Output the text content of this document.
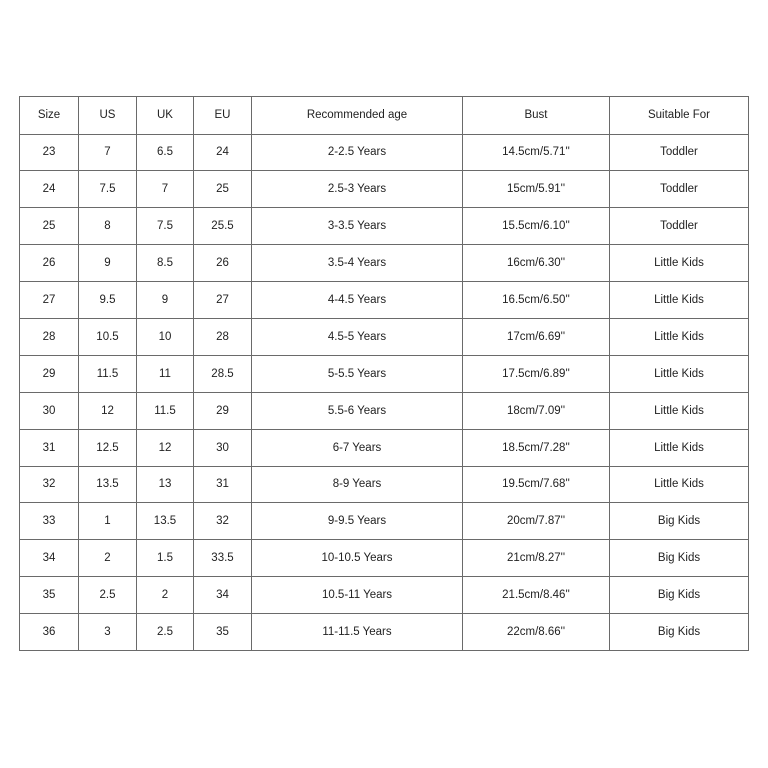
Size	US	UK	EU	Recommended age	Bust	Suitable For
23	7	6.5	24	2-2.5 Years	14.5cm/5.71''	Toddler
24	7.5	7	25	2.5-3 Years	15cm/5.91''	Toddler
25	8	7.5	25.5	3-3.5 Years	15.5cm/6.10''	Toddler
26	9	8.5	26	3.5-4 Years	16cm/6.30''	Little Kids
27	9.5	9	27	4-4.5 Years	16.5cm/6.50''	Little Kids
28	10.5	10	28	4.5-5 Years	17cm/6.69''	Little Kids
29	11.5	11	28.5	5-5.5 Years	17.5cm/6.89''	Little Kids
30	12	11.5	29	5.5-6 Years	18cm/7.09''	Little Kids
31	12.5	12	30	6-7 Years	18.5cm/7.28''	Little Kids
32	13.5	13	31	8-9 Years	19.5cm/7.68''	Little Kids
33	1	13.5	32	9-9.5 Years	20cm/7.87''	Big Kids
34	2	1.5	33.5	10-10.5 Years	21cm/8.27''	Big Kids
35	2.5	2	34	10.5-11 Years	21.5cm/8.46''	Big Kids
36	3	2.5	35	11-11.5 Years	22cm/8.66''	Big Kids
